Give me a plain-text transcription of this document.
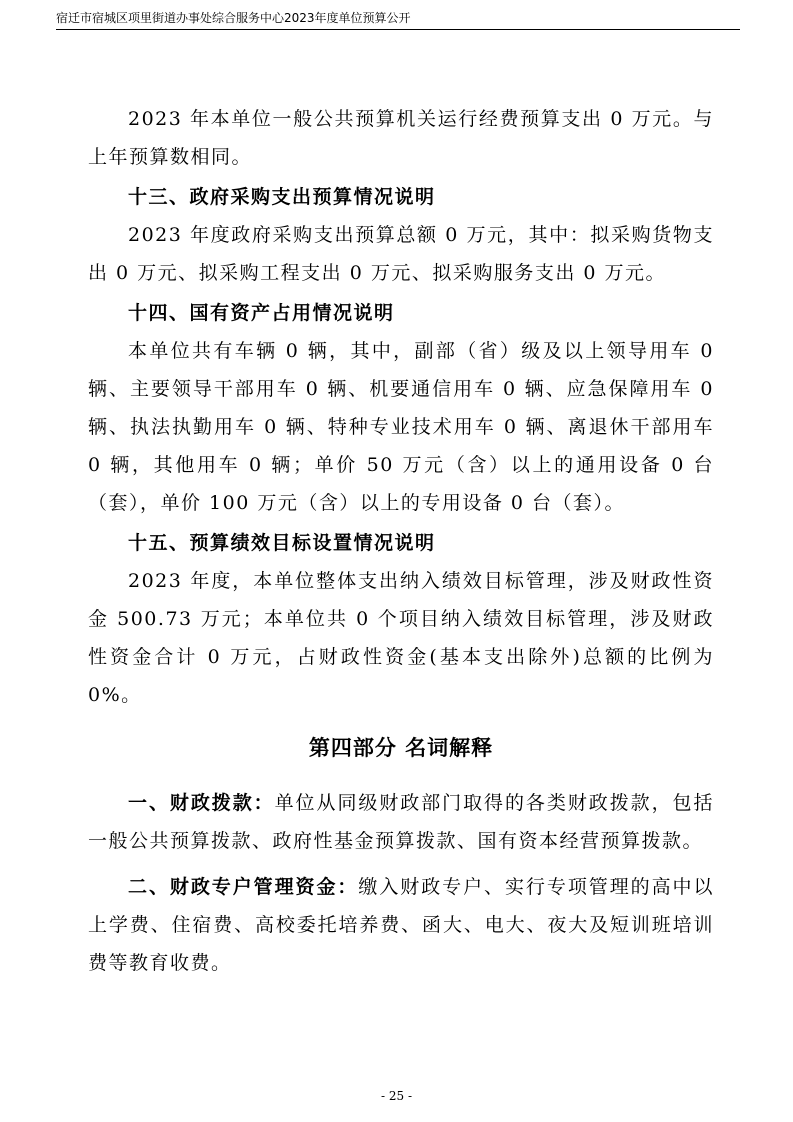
宿迁市宿城区项里街道办事处综合服务中心2023年度单位预算公开

2023 年本单位一般公共预算机关运行经费预算支出 0 万元。与上年预算数相同。

十三、政府采购支出预算情况说明

2023 年度政府采购支出预算总额 0 万元，其中：拟采购货物支出 0 万元、拟采购工程支出 0 万元、拟采购服务支出 0 万元。

十四、国有资产占用情况说明

本单位共有车辆 0 辆，其中，副部（省）级及以上领导用车 0 辆、主要领导干部用车 0 辆、机要通信用车 0 辆、应急保障用车 0 辆、执法执勤用车 0 辆、特种专业技术用车 0 辆、离退休干部用车 0 辆，其他用车 0 辆；单价 50 万元（含）以上的通用设备 0 台（套），单价 100 万元（含）以上的专用设备 0 台（套）。

十五、预算绩效目标设置情况说明

2023 年度，本单位整体支出纳入绩效目标管理，涉及财政性资金 500.73 万元；本单位共 0 个项目纳入绩效目标管理，涉及财政性资金合计 0 万元，占财政性资金(基本支出除外)总额的比例为 0%。

第四部分 名词解释

一、财政拨款：单位从同级财政部门取得的各类财政拨款，包括一般公共预算拨款、政府性基金预算拨款、国有资本经营预算拨款。

二、财政专户管理资金：缴入财政专户、实行专项管理的高中以上学费、住宿费、高校委托培养费、函大、电大、夜大及短训班培训费等教育收费。

- 25 -
